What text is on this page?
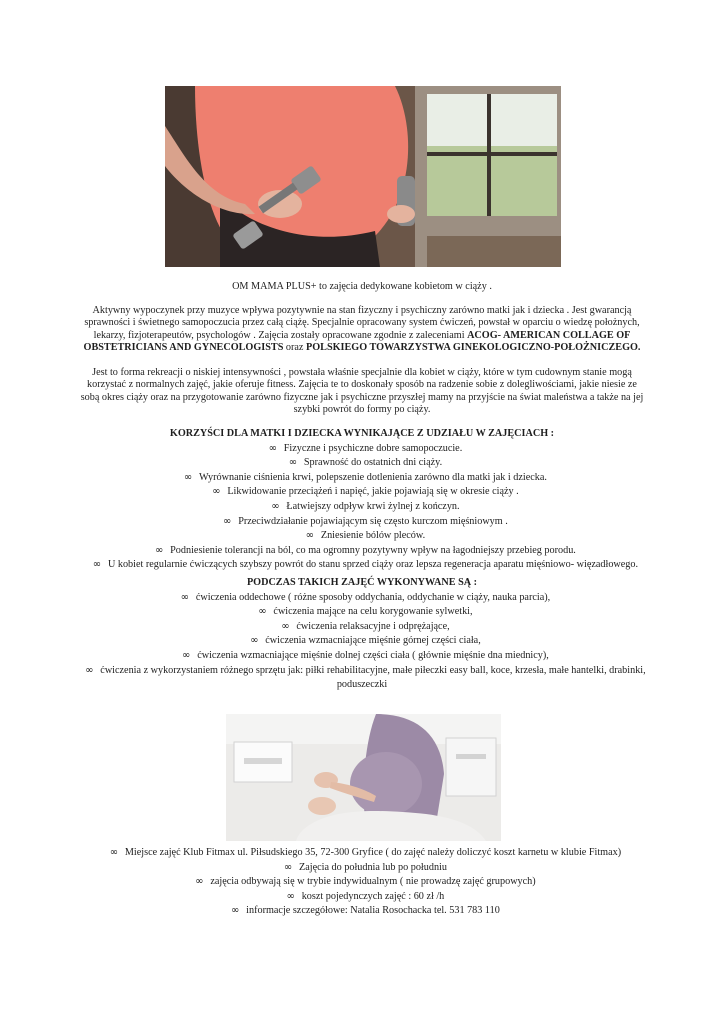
OM MAMA PLUS+ to zajęcia dedykowane kobietom w ciąży .

Aktywny wypoczynek przy muzyce wpływa pozytywnie na stan fizyczny i psychiczny zarówno matki jak i dziecka . Jest gwarancją sprawności i świetnego samopoczucia przez całą ciążę. Specjalnie opracowany system ćwiczeń, powstał w oparciu o wiedzę położnych, lekarzy, fizjoterapeutów, psychologów . Zajęcia zostały opracowane zgodnie z zaleceniami ACOG- AMERICAN COLLAGE OF OBSTETRICIANS AND GYNECOLOGISTS oraz POLSKIEGO TOWARZYSTWA GINEKOLOGICZNO-POŁOŻNICZEGO.

Jest to forma rekreacji o niskiej intensywności , powstała właśnie specjalnie dla kobiet w ciąży, które w tym cudownym stanie mogą korzystać z normalnych zajęć, jakie oferuje fitness. Zajęcia te to doskonały sposób na radzenie sobie z dolegliwościami, jakie niesie ze sobą okres ciąży oraz na przygotowanie zarówno fizyczne jak i psychiczne przyszłej mamy na przyjście na świat maleństwa a także na jej szybki powrót do formy po ciąży.

KORZYŚCI DLA MATKI I DZIECKA WYNIKAJĄCE Z UDZIAŁU W ZAJĘCIACH :
∞ Fizyczne i psychiczne dobre samopoczucie.
∞ Sprawność do ostatnich dni ciąży.
∞ Wyrównanie ciśnienia krwi, polepszenie dotlenienia zarówno dla matki jak i dziecka.
∞ Likwidowanie przeciążeń i napięć, jakie pojawiają się w okresie ciąży .
∞ Łatwiejszy odpływ krwi żylnej z kończyn.
∞ Przeciwdziałanie pojawiającym się często kurczom mięśniowym .
∞ Zniesienie bólów pleców.
∞ Podniesienie tolerancji na ból, co ma ogromny pozytywny wpływ na łagodniejszy przebieg porodu.
∞ U kobiet regularnie ćwiczących szybszy powrót do stanu sprzed ciąży oraz lepsza regeneracja aparatu mięśniowo- więzadłowego.
PODCZAS TAKICH ZAJĘĆ WYKONYWANE SĄ :
∞ ćwiczenia oddechowe ( różne sposoby oddychania, oddychanie w ciąży, nauka parcia),
∞ ćwiczenia mające na celu korygowanie sylwetki,
∞ ćwiczenia relaksacyjne i odprężające,
∞ ćwiczenia wzmacniające mięśnie górnej części ciała,
∞ ćwiczenia wzmacniające mięśnie dolnej części ciała ( głównie mięśnie dna miednicy),
∞ ćwiczenia z wykorzystaniem różnego sprzętu jak: piłki rehabilitacyjne, małe piłeczki easy ball, koce, krzesła, małe hantelki, drabinki, poduszeczki
∞ Miejsce zajęć Klub Fitmax ul. Piłsudskiego 35, 72-300 Gryfice ( do zajęć należy doliczyć koszt karnetu w klubie Fitmax)
∞ Zajęcia do południa lub po południu
∞ zajęcia odbywają się w trybie indywidualnym ( nie prowadzę zajęć grupowych)
∞ koszt pojedynczych zajęć : 60 zł /h
∞ informacje szczegółowe: Natalia Rosochacka tel. 531 783 110
